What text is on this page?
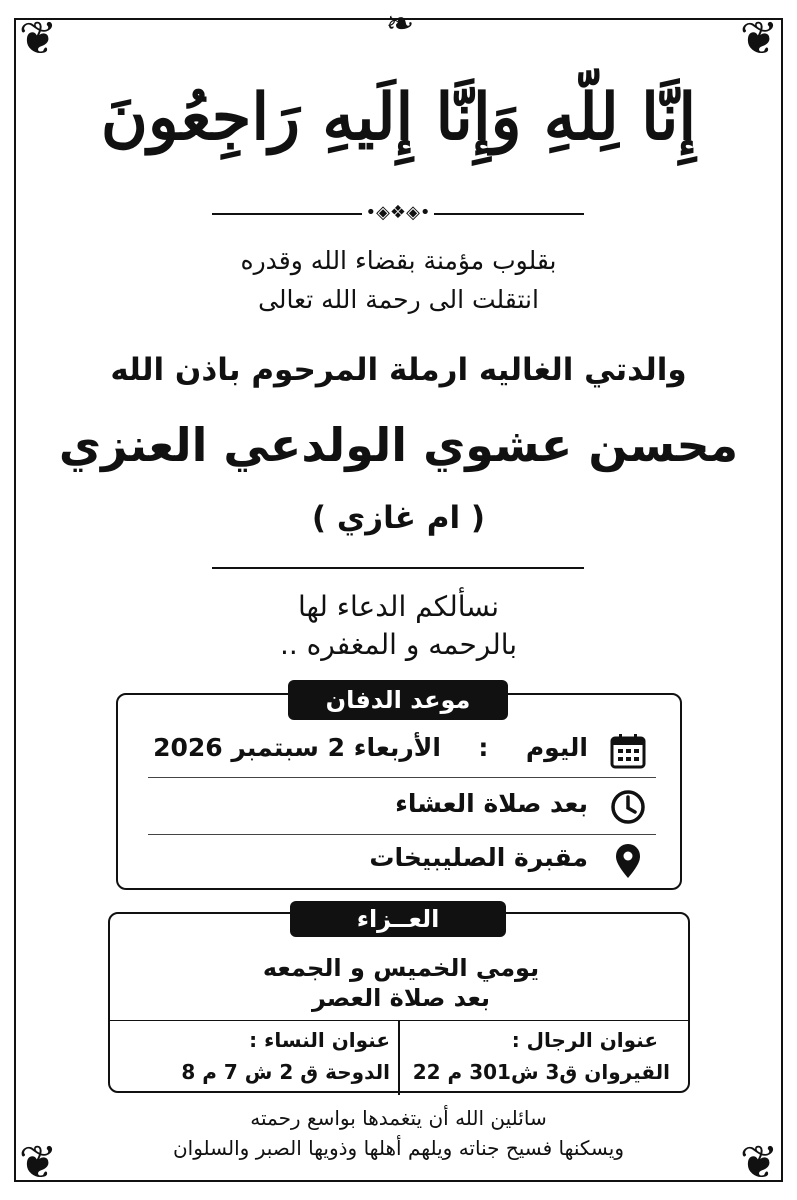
❦	❦
❦	❦
❧
إِنَّا لِلّهِ وَإِنَّا إِلَيهِ رَاجِعُونَ
•◈❖◈•
بقلوب مؤمنة بقضاء الله وقدره
انتقلت الى رحمة الله تعالى
والدتي الغاليه ارملة المرحوم باذن الله
محسن عشوي الولدعي العنزي
( ام غازي )
نسألكم الدعاء لها
بالرحمه و المغفره ..
اليوم  :  الأربعاء 2 سبتمبر 2026
بعد صلاة العشاء
مقبرة الصليبيخات
موعد الدفان
يومي الخميس و الجمعه
بعد صلاة العصر
عنوان الرجال :
القيروان ق3 ش301 م 22
عنوان النساء :
الدوحة ق 2 ش 7 م 8
العــزاء
سائلين الله أن يتغمدها بواسع رحمته
ويسكنها فسيح جناته ويلهم أهلها وذويها الصبر والسلوان
